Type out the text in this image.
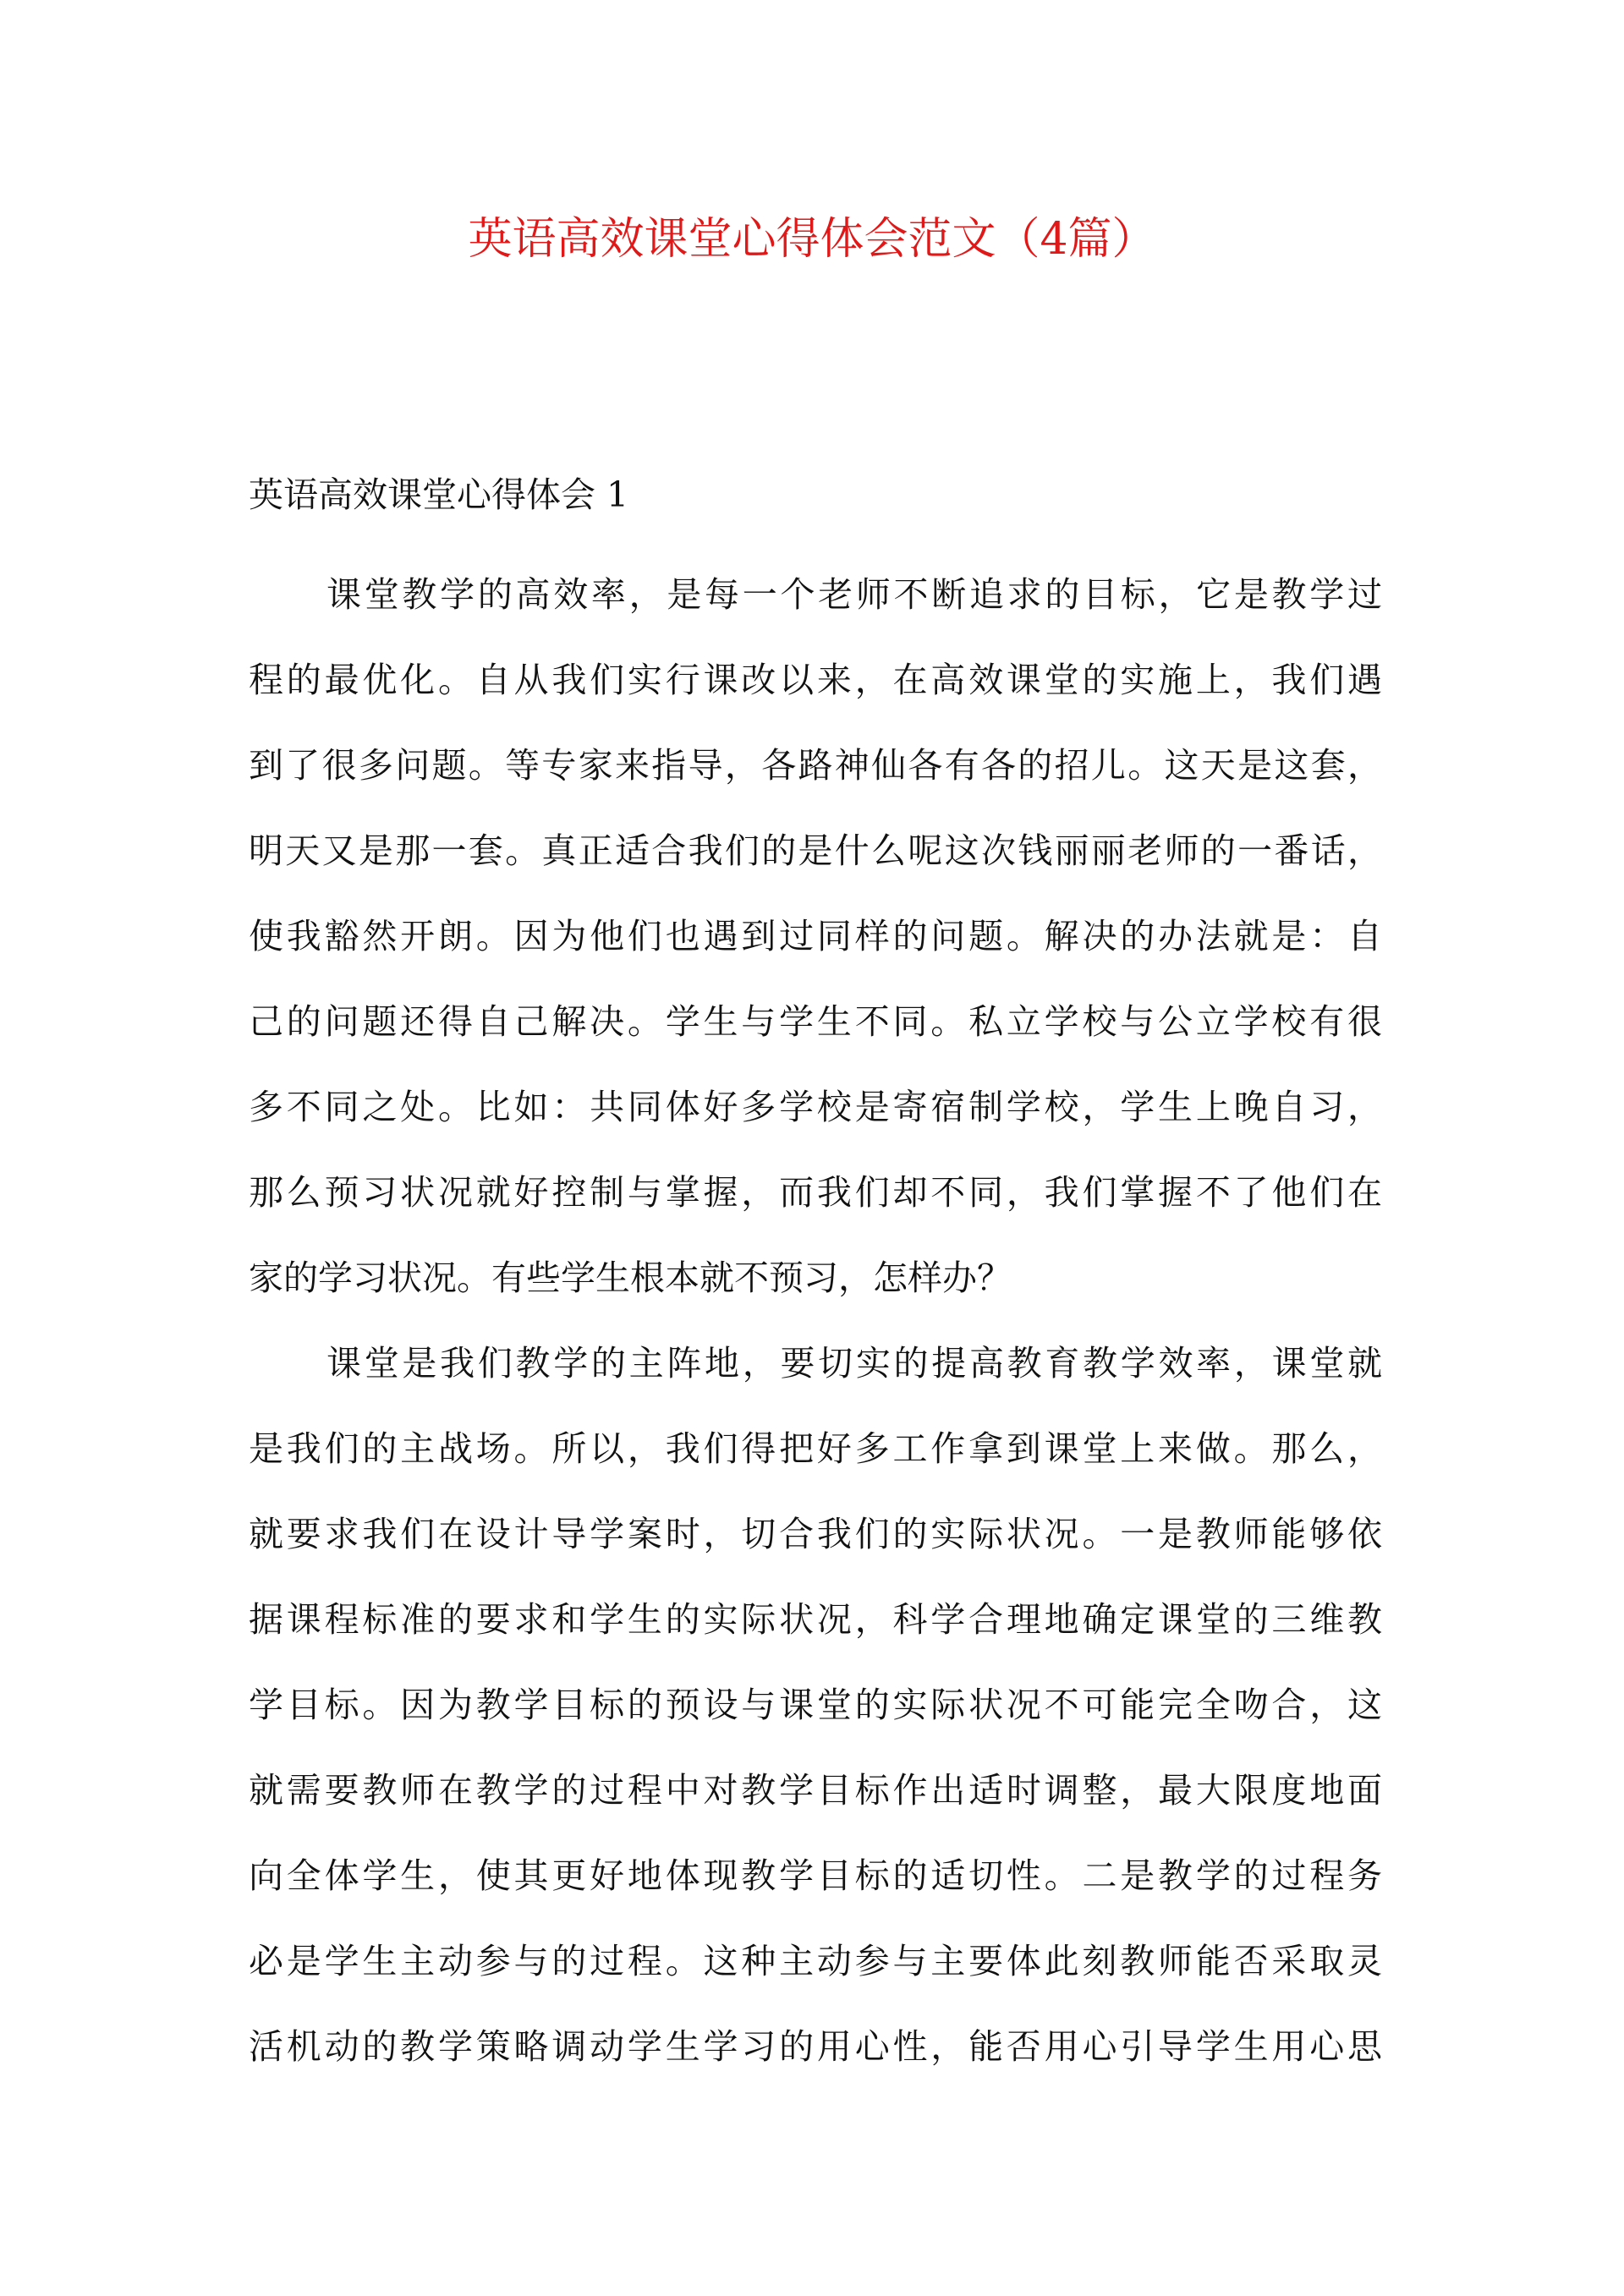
英语高效课堂心得体会范文（4篇）
英语高效课堂心得体会 1

课堂教学的高效率，是每一个老师不断追求的目标，它是教学过
程的最优化。自从我们实行课改以来，在高效课堂的实施上，我们遇
到了很多问题。等专家来指导，各路神仙各有各的招儿。这天是这套，
明天又是那一套。真正适合我们的是什么呢这次钱丽丽老师的一番话，
使我豁然开朗。因为他们也遇到过同样的问题。解决的办法就是：自
己的问题还得自己解决。学生与学生不同。私立学校与公立学校有很
多不同之处。比如：共同体好多学校是寄宿制学校，学生上晚自习，
那么预习状况就好控制与掌握，而我们却不同，我们掌握不了他们在
家的学习状况。有些学生根本就不预习，怎样办？

课堂是我们教学的主阵地，要切实的提高教育教学效率，课堂就
是我们的主战场。所以，我们得把好多工作拿到课堂上来做。那么，
就要求我们在设计导学案时，切合我们的实际状况。一是教师能够依
据课程标准的要求和学生的实际状况，科学合理地确定课堂的三维教
学目标。因为教学目标的预设与课堂的实际状况不可能完全吻合，这
就需要教师在教学的过程中对教学目标作出适时调整，最大限度地面
向全体学生，使其更好地体现教学目标的适切性。二是教学的过程务
必是学生主动参与的过程。这种主动参与主要体此刻教师能否采取灵
活机动的教学策略调动学生学习的用心性，能否用心引导学生用心思
